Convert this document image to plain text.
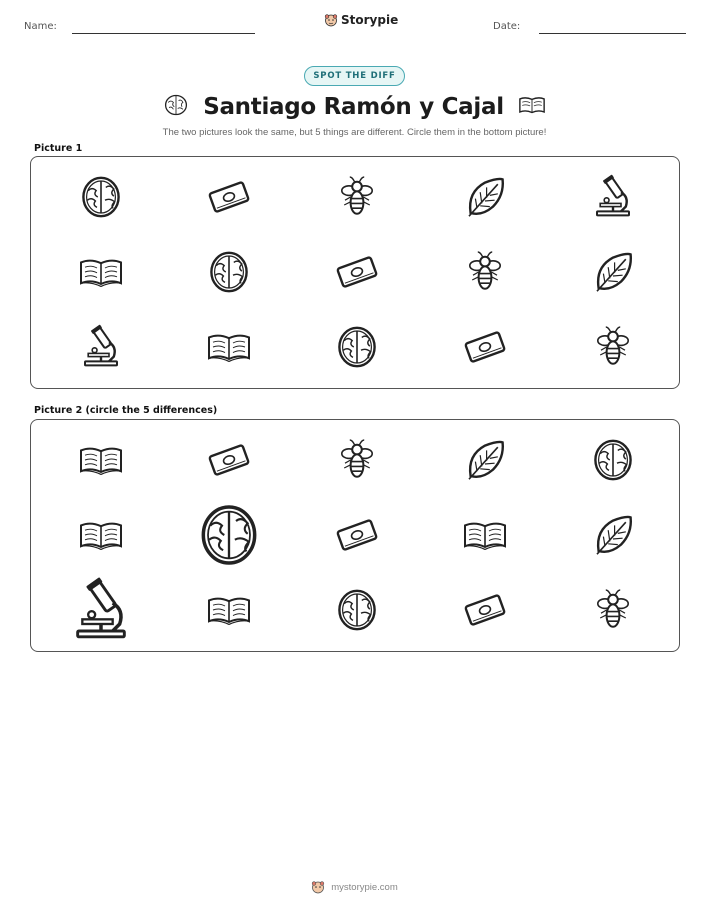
Name:	Storypie	Date:
SPOT THE DIFF
Santiago Ramón y Cajal
The two pictures look the same, but 5 things are different. Circle them in the bottom picture!
Picture 1
Picture 2 (circle the 5 differences)
mystorypie.com
